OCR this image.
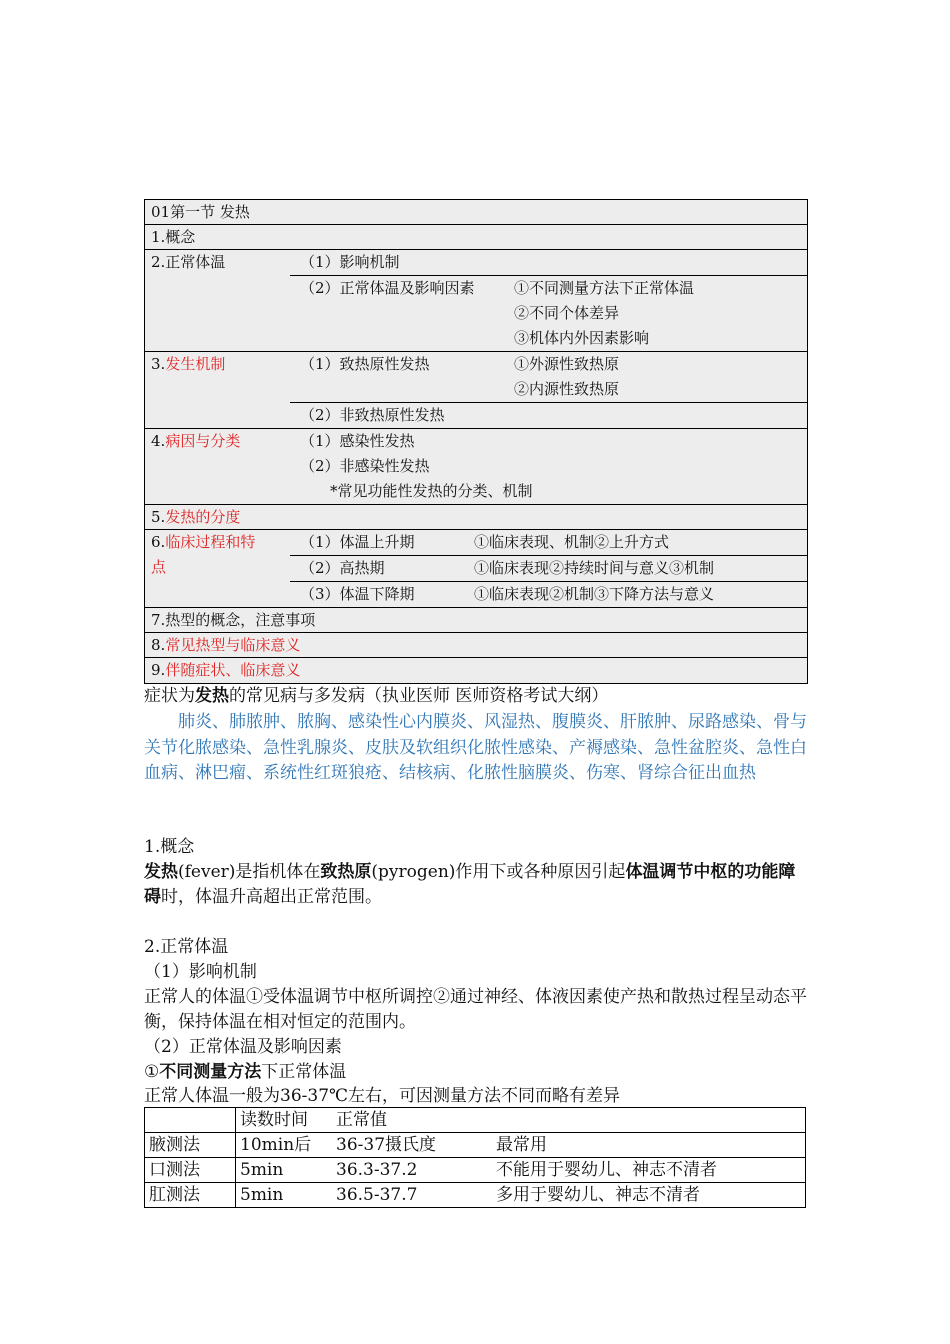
01第一节 发热
1.概念
2.正常体温	（1）影响机制
（2）正常体温及影响因素	①不同测量方法下正常体温
②不同个体差异
③机体内外因素影响
3.发生机制	（1）致热原性发热	①外源性致热原
②内源性致热原
（2）非致热原性发热
4.病因与分类	（1）感染性发热
（2）非感染性发热
*常见功能性发热的分类、机制
5.发热的分度
6.临床过程和特
点
（1）体温上升期	①临床表现、机制②上升方式
（2）高热期	①临床表现②持续时间与意义③机制
（3）体温下降期	①临床表现②机制③下降方法与意义
7.热型的概念，注意事项
8.常见热型与临床意义
9.伴随症状、临床意义
症状为发热的常见病与多发病（执业医师 医师资格考试大纲）
肺炎、肺脓肿、脓胸、感染性心内膜炎、风湿热、腹膜炎、肝脓肿、尿路感染、骨与关节化脓感染、急性乳腺炎、皮肤及软组织化脓性感染、产褥感染、急性盆腔炎、急性白血病、淋巴瘤、系统性红斑狼疮、结核病、化脓性脑膜炎、伤寒、肾综合征出血热
1.概念
发热(fever)是指机体在致热原(pyrogen)作用下或各种原因引起体温调节中枢的功能障碍时，体温升高超出正常范围。
2.正常体温
（1）影响机制
正常人的体温①受体温调节中枢所调控②通过神经、体液因素使产热和散热过程呈动态平衡，保持体温在相对恒定的范围内。
（2）正常体温及影响因素
①不同测量方法下正常体温
正常人体温一般为36-37℃左右，可因测量方法不同而略有差异

	读数时间 正常值

腋测法	10min后 36-37摄氏度 最常用

口测法	5min 36.3-37.2 不能用于婴幼儿、神志不清者

肛测法	5min 36.5-37.7 多用于婴幼儿、神志不清者
